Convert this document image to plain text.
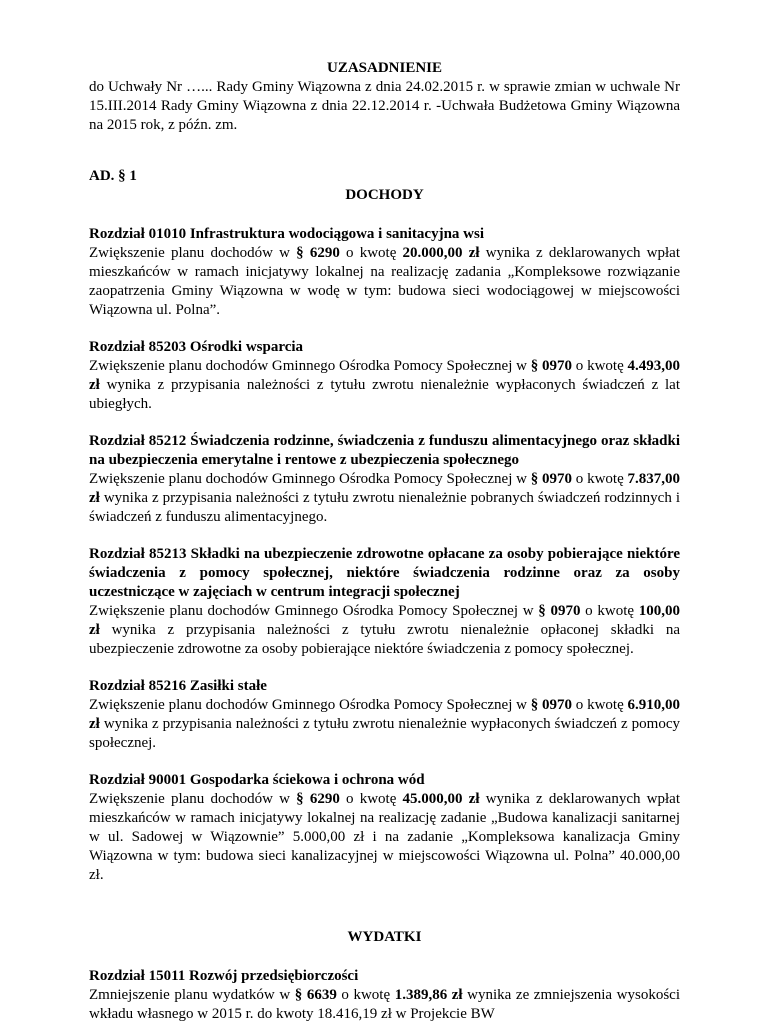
UZASADNIENIE

do Uchwały Nr …... Rady Gminy Wiązowna z dnia 24.02.2015 r. w sprawie zmian w uchwale Nr 15.III.2014 Rady Gminy Wiązowna z dnia 22.12.2014 r. -Uchwała Budżetowa Gminy Wiązowna na 2015 rok, z późn. zm.

AD. § 1

DOCHODY

Rozdział 01010 Infrastruktura wodociągowa i sanitacyjna wsi

Zwiększenie planu dochodów w § 6290 o kwotę 20.000,00 zł wynika z deklarowanych wpłat mieszkańców w ramach inicjatywy lokalnej na realizację zadania „Kompleksowe rozwiązanie zaopatrzenia Gminy Wiązowna w wodę w tym: budowa sieci wodociągowej w miejscowości Wiązowna ul. Polna”.

Rozdział 85203 Ośrodki wsparcia

Zwiększenie planu dochodów Gminnego Ośrodka Pomocy Społecznej w § 0970 o kwotę 4.493,00 zł wynika z przypisania należności z tytułu zwrotu nienależnie wypłaconych świadczeń z lat ubiegłych.

Rozdział 85212 Świadczenia rodzinne, świadczenia z funduszu alimentacyjnego oraz składki na ubezpieczenia emerytalne i rentowe z ubezpieczenia społecznego

Zwiększenie planu dochodów Gminnego Ośrodka Pomocy Społecznej w § 0970 o kwotę 7.837,00 zł wynika z przypisania należności z tytułu zwrotu nienależnie pobranych świadczeń rodzinnych i świadczeń z funduszu alimentacyjnego.

Rozdział 85213 Składki na ubezpieczenie zdrowotne opłacane za osoby pobierające niektóre świadczenia z pomocy społecznej, niektóre świadczenia rodzinne oraz za osoby uczestniczące w zajęciach w centrum integracji społecznej

Zwiększenie planu dochodów Gminnego Ośrodka Pomocy Społecznej w § 0970 o kwotę 100,00 zł wynika z przypisania należności z tytułu zwrotu nienależnie opłaconej składki na ubezpieczenie zdrowotne za osoby pobierające niektóre świadczenia z pomocy społecznej.

Rozdział 85216 Zasiłki stałe

Zwiększenie planu dochodów Gminnego Ośrodka Pomocy Społecznej w § 0970 o kwotę 6.910,00 zł wynika z przypisania należności z tytułu zwrotu nienależnie wypłaconych świadczeń z pomocy społecznej.

Rozdział 90001 Gospodarka ściekowa i ochrona wód

Zwiększenie planu dochodów w § 6290 o kwotę 45.000,00 zł wynika z deklarowanych wpłat mieszkańców w ramach inicjatywy lokalnej na realizację zadanie „Budowa kanalizacji sanitarnej w ul. Sadowej w Wiązownie” 5.000,00 zł i na zadanie „Kompleksowa kanalizacja Gminy Wiązowna w tym: budowa sieci kanalizacyjnej w miejscowości Wiązowna ul. Polna” 40.000,00 zł.

WYDATKI

Rozdział 15011 Rozwój przedsiębiorczości

Zmniejszenie planu wydatków w § 6639 o kwotę 1.389,86 zł wynika ze zmniejszenia wysokości wkładu własnego w 2015 r. do kwoty 18.416,19 zł w Projekcie BW
